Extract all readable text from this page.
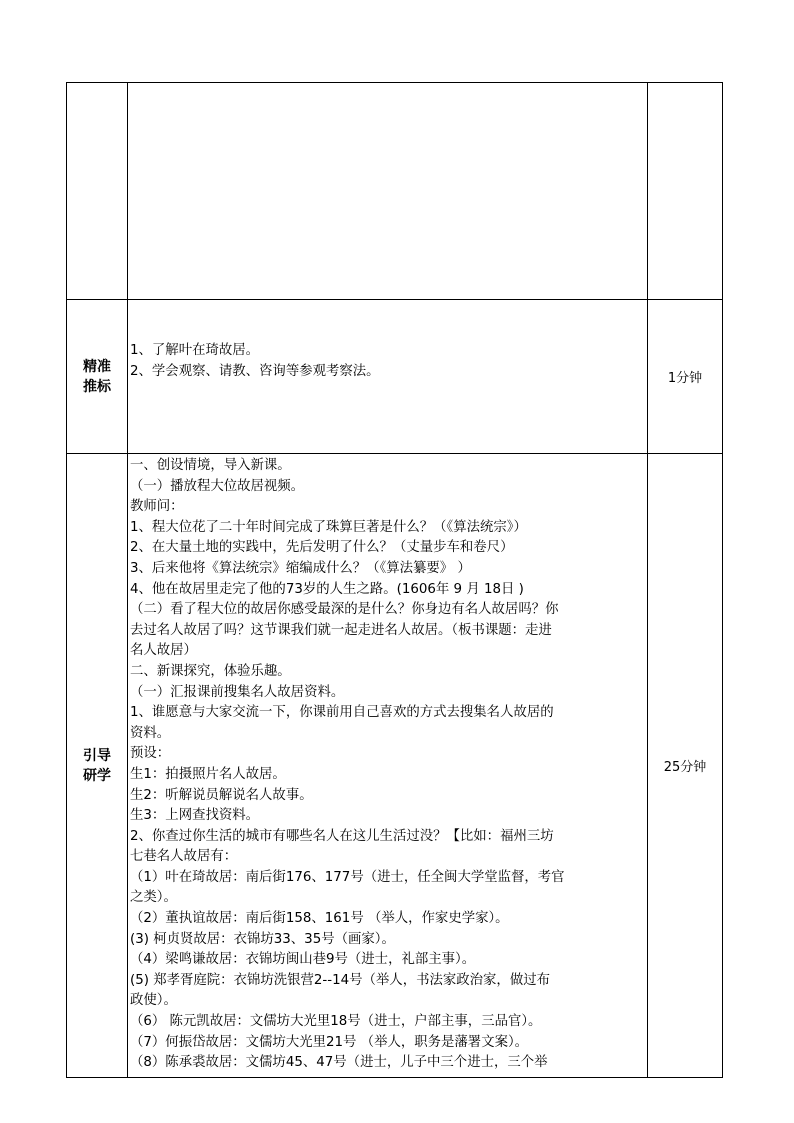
精准
推标
1、了解叶在琦故居。
2、学会观察、请教、咨询等参观考察法。	1分钟
引导
研学
一、创设情境，导入新课。
（一）播放程大位故居视频。
教师问：
1、程大位花了二十年时间完成了珠算巨著是什么？（《算法统宗》）
2、在大量土地的实践中，先后发明了什么？（丈量步车和卷尺）
3、后来他将《算法统宗》缩编成什么？（《算法纂要》 ）
4、他在故居里走完了他的73岁的人生之路。(1606年 9 月 18日 )
（二）看了程大位的故居你感受最深的是什么？你身边有名人故居吗？你
去过名人故居了吗？这节课我们就一起走进名人故居。（板书课题：走进
名人故居）
二、新课探究，体验乐趣。
（一）汇报课前搜集名人故居资料。
1、谁愿意与大家交流一下，你课前用自己喜欢的方式去搜集名人故居的
资料。
预设：
生1：拍摄照片名人故居。
生2：听解说员解说名人故事。
生3：上网查找资料。
2、你查过你生活的城市有哪些名人在这儿生活过没？【比如：福州三坊
七巷名人故居有：
（1）叶在琦故居：南后街176、177号（进士，任全闽大学堂监督，考官
之类）。
（2）董执谊故居：南后街158、161号 （举人，作家史学家）。
(3) 柯贞贤故居：衣锦坊33、35号（画家）。
（4）梁鸣谦故居：衣锦坊闽山巷9号（进士，礼部主事）。
(5) 郑孝胥庭院：衣锦坊洗银营2--14号（举人，书法家政治家，做过布
政使）。
（6） 陈元凯故居：文儒坊大光里18号（进士，户部主事，三品官）。
（7）何振岱故居：文儒坊大光里21号 （举人，职务是藩署文案）。
（8）陈承裘故居：文儒坊45、47号（进士，儿子中三个进士，三个举
25分钟
